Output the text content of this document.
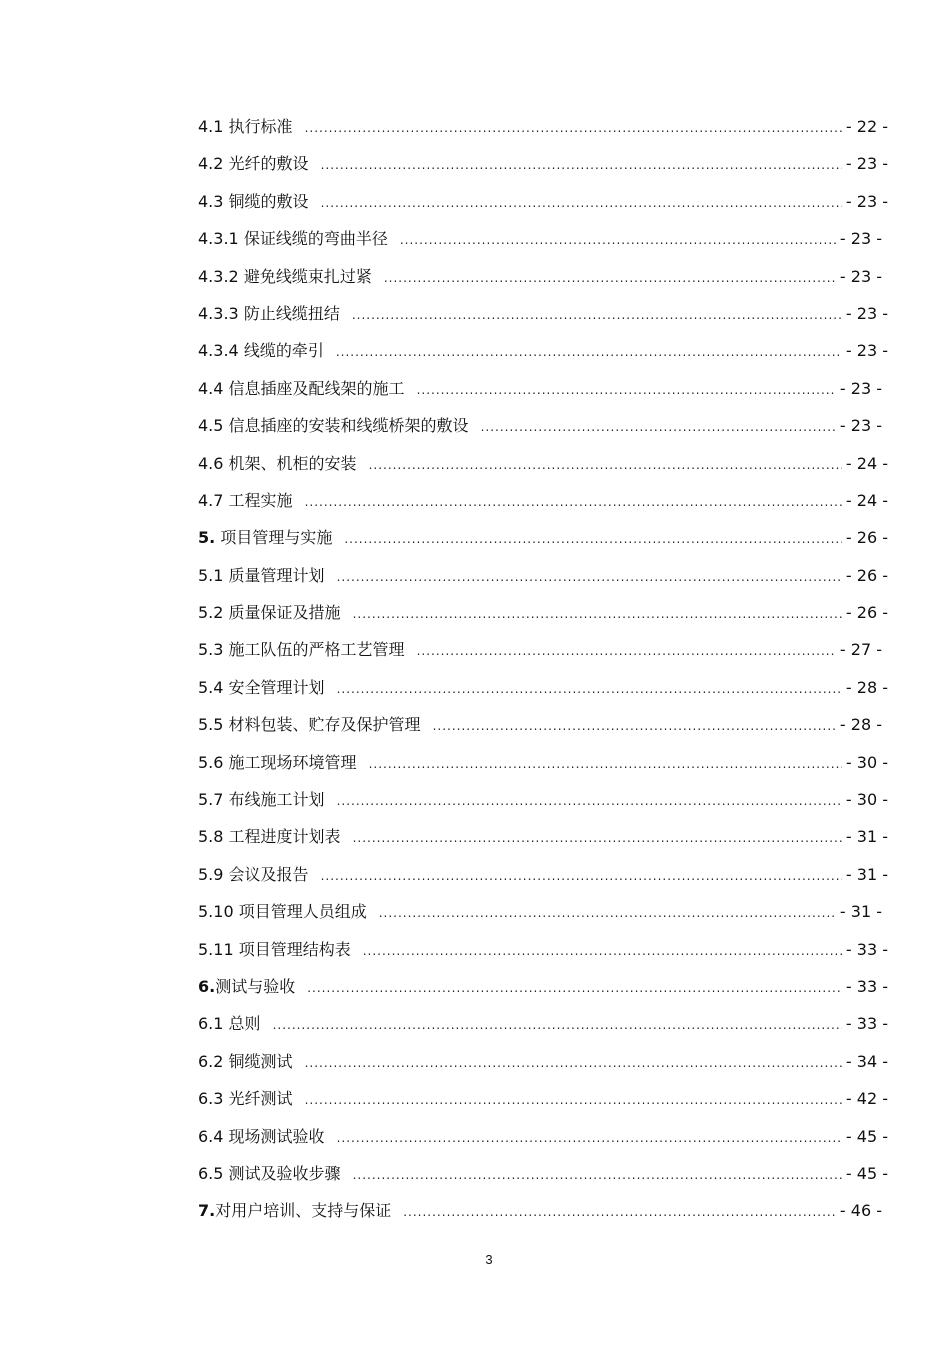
4.1 执行标准 .....	- 22 -
4.2 光纤的敷设 .....	- 23 -
4.3 铜缆的敷设 .....	- 23 -
4.3.1 保证线缆的弯曲半径 .....	- 23 -
4.3.2 避免线缆束扎过紧 .....	- 23 -
4.3.3 防止线缆扭结 .....	- 23 -
4.3.4 线缆的牵引 .....	- 23 -
4.4 信息插座及配线架的施工 .....	- 23 -
4.5 信息插座的安装和线缆桥架的敷设 .....	- 23 -
4.6 机架、机柜的安装 .....	- 24 -
4.7 工程实施 .....	- 24 -
5. 项目管理与实施 .....	- 26 -
5.1 质量管理计划 .....	- 26 -
5.2 质量保证及措施 .....	- 26 -
5.3 施工队伍的严格工艺管理 .....	- 27 -
5.4 安全管理计划 .....	- 28 -
5.5 材料包装、贮存及保护管理 .....	- 28 -
5.6 施工现场环境管理 .....	- 30 -
5.7 布线施工计划 .....	- 30 -
5.8 工程进度计划表 .....	- 31 -
5.9 会议及报告 .....	- 31 -
5.10 项目管理人员组成 .....	- 31 -
5.11 项目管理结构表 .....	- 33 -
6.测试与验收 .....	- 33 -
6.1 总则 .....	- 33 -
6.2 铜缆测试 .....	- 34 -
6.3 光纤测试 .....	- 42 -
6.4 现场测试验收 .....	- 45 -
6.5 测试及验收步骤 .....	- 45 -
7.对用户培训、支持与保证 .....	- 46 -
3
